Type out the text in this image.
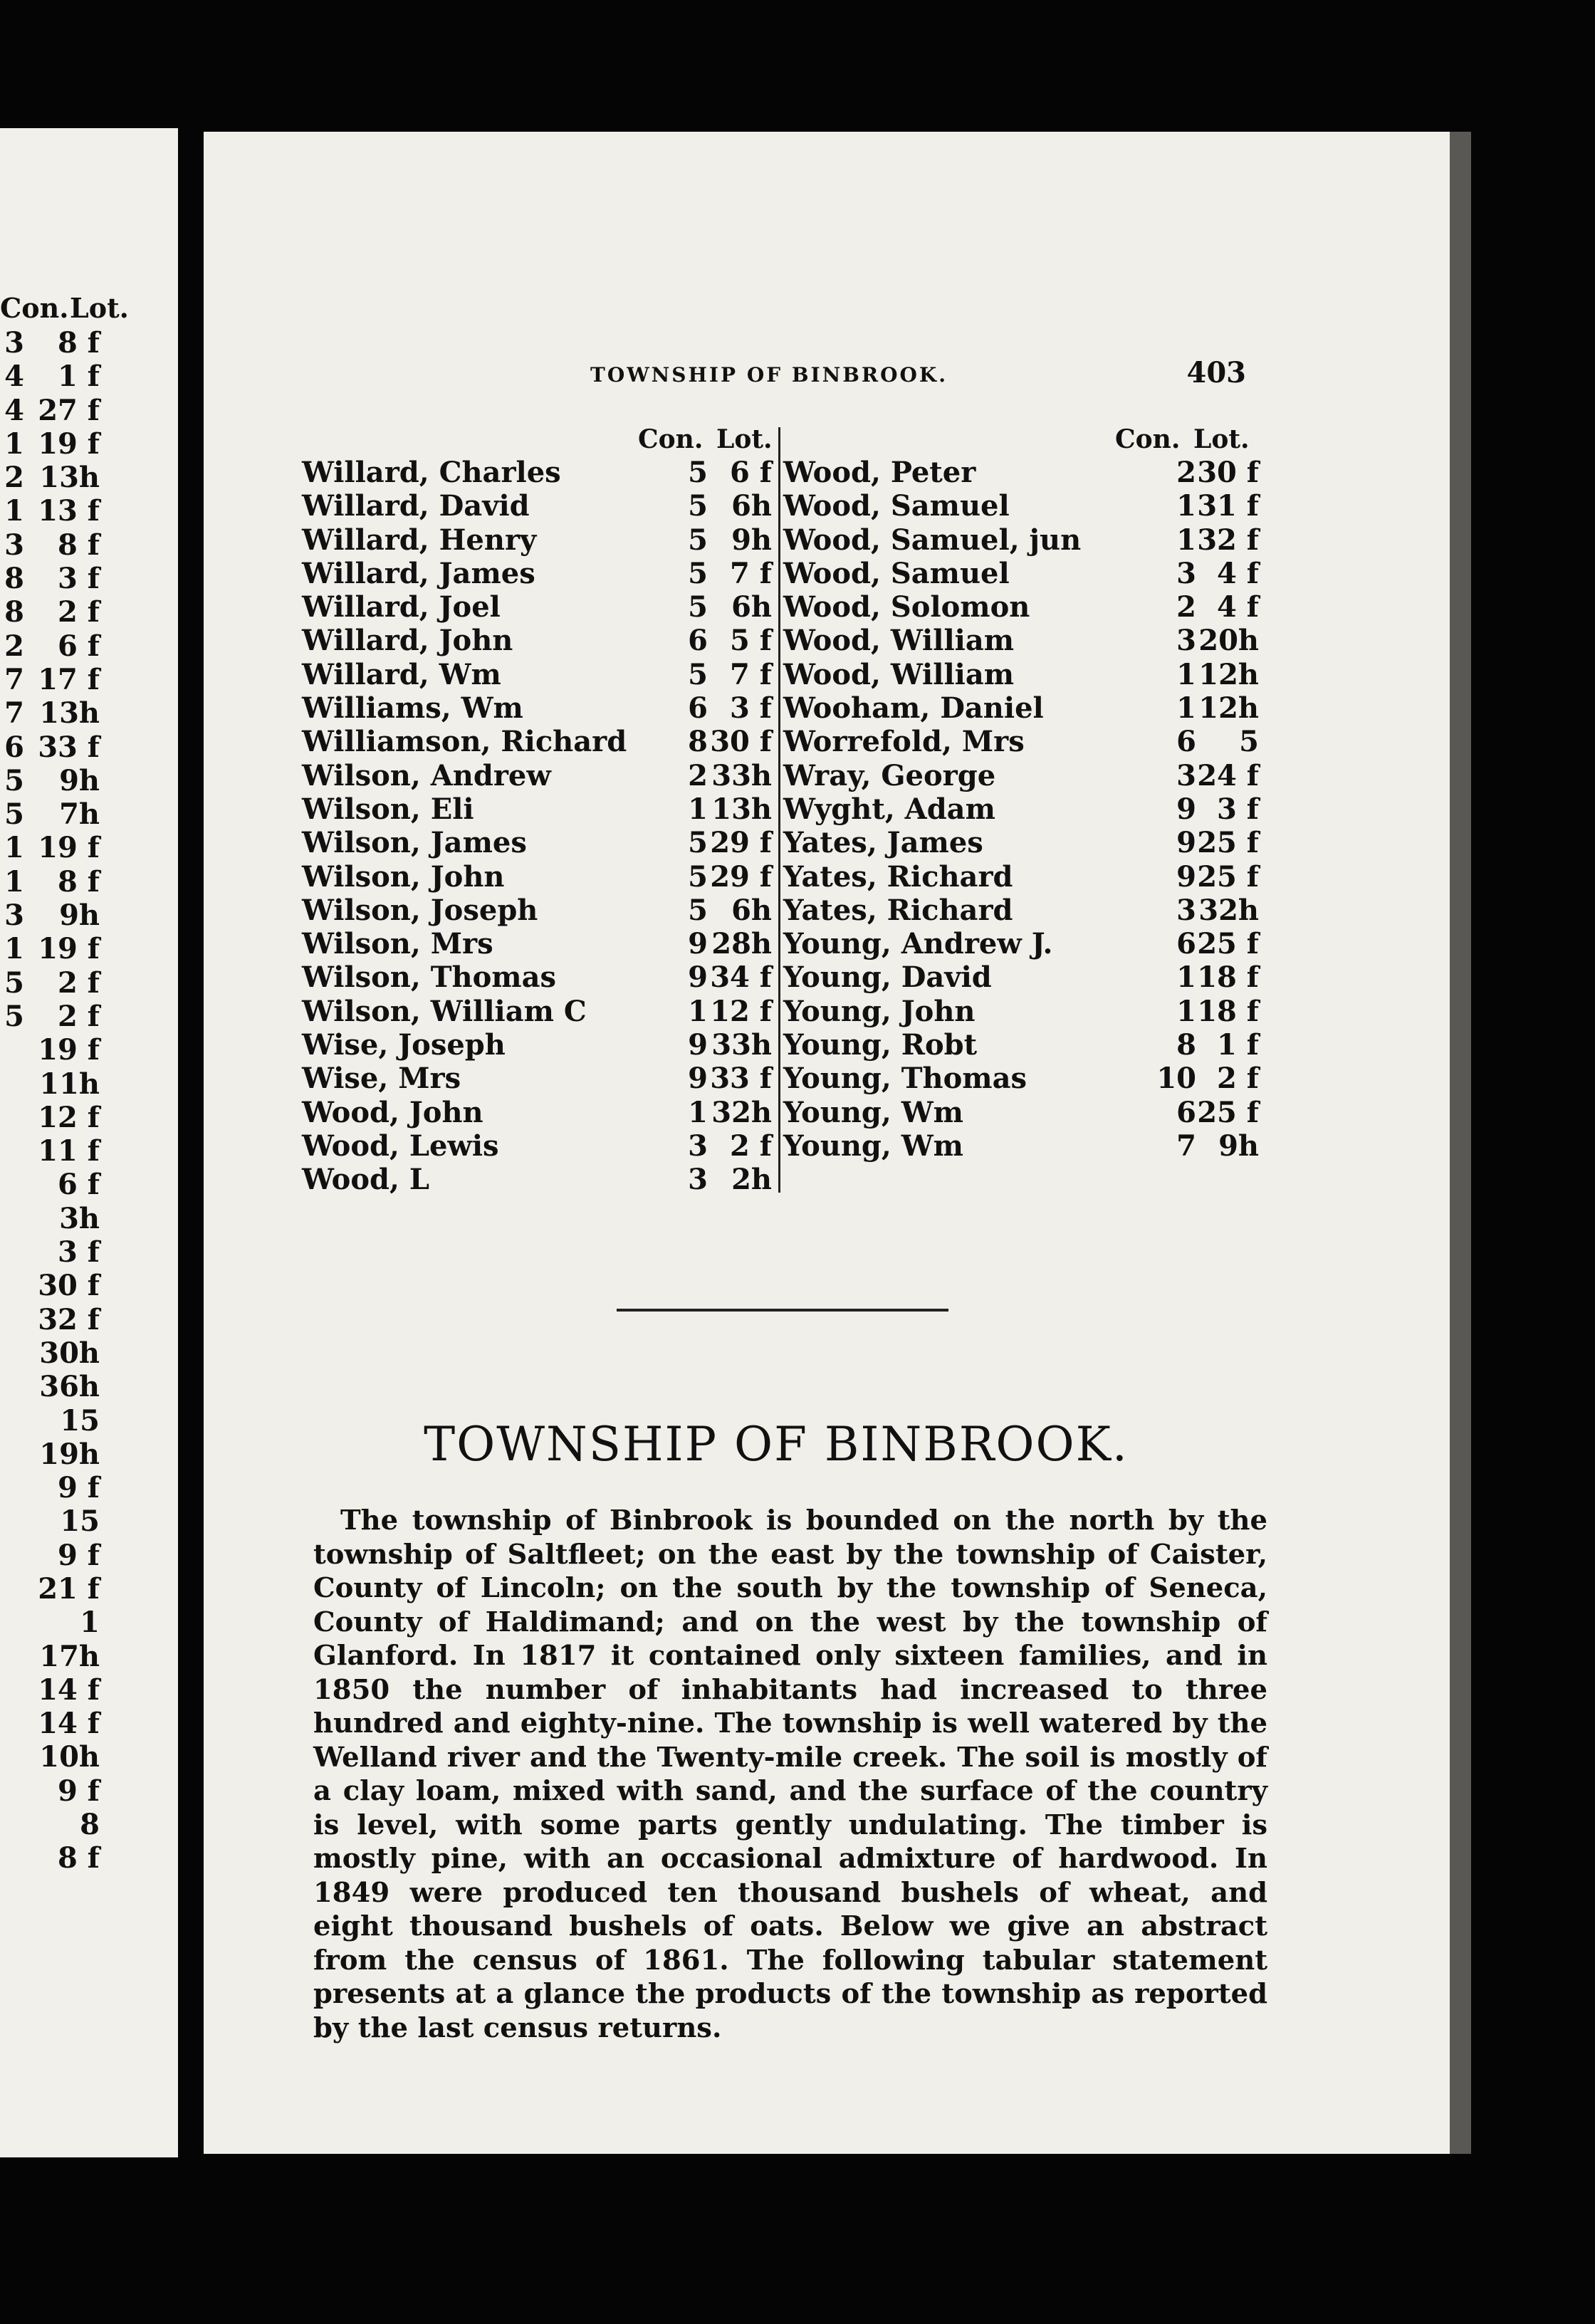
Con. Lot.
3	8 f
4	1 f
4 27 f
1 19 f
2 13h
1 13 f
3	8 f
8	3 f
8	2 f
2	6 f
7 17 f
7 13h
6 33 f
5	9h
5	7h
1 19 f
1	8 f
3	9h
1 19 f
5	2 f
5	2 f
19 f
11h
12 f
11 f
6 f
3h
3 f
30 f
32 f
30h
36h
15
19h
9 f
15
9 f
21 f
1
17h
14 f
14 f
10h
9 f
8
8 f
TOWNSHIP OF BINBROOK.	403
Con. Lot.	Con. Lot.
Willard, Charles	5 6 f
Willard, David	5 6h
Willard, Henry	5 9h
Willard, James	5 7 f
Willard, Joel	5 6h
Willard, John	6 5 f
Willard, Wm	5 7 f
Williams, Wm	6 3 f
Williamson, Richard	8 30 f
Wilson, Andrew	2 33h
Wilson, Eli	1 13h
Wilson, James	5 29 f
Wilson, John	5 29 f
Wilson, Joseph	5 6h
Wilson, Mrs	9 28h
Wilson, Thomas	9 34 f
Wilson, William C	1 12 f
Wise, Joseph	9 33h
Wise, Mrs	9 33 f
Wood, John	1 32h
Wood, Lewis	3 2 f
Wood, L	3 2h
Wood, Peter	2 30 f
Wood, Samuel	1 31 f
Wood, Samuel, jun	1 32 f
Wood, Samuel	3 4 f
Wood, Solomon	2 4 f
Wood, William	3 20h
Wood, William	1 12h
Wooham, Daniel	1 12h
Worrefold, Mrs	6	5
Wray, George	3 24 f
Wyght, Adam	9 3 f
Yates, James	9 25 f
Yates, Richard	9 25 f
Yates, Richard	3 32h
Young, Andrew J.	6 25 f
Young, David	1 18 f
Young, John	1 18 f
Young, Robt	8 1 f
Young, Thomas	10 2 f
Young, Wm	6 25 f
Young, Wm	7 9h
TOWNSHIP OF BINBROOK.
The township of Binbrook is bounded on the north by the township of Saltfleet; on the east by the township of Caister, County of Lincoln; on the south by the township of Seneca, County of Haldimand; and on the west by the township of Glanford. In 1817 it contained only sixteen families, and in 1850 the number of inhabitants had increased to three hundred and eighty-nine. The township is well watered by the Welland river and the Twenty-mile creek. The soil is mostly of a clay loam, mixed with sand, and the surface of the country is level, with some parts gently undulating. The timber is mostly pine, with an occasional admixture of hardwood. In 1849 were produced ten thousand bushels of wheat, and eight thousand bushels of oats. Below we give an abstract from the census of 1861. The following tabular statement presents at a glance the products of the township as reported by the last census returns.
